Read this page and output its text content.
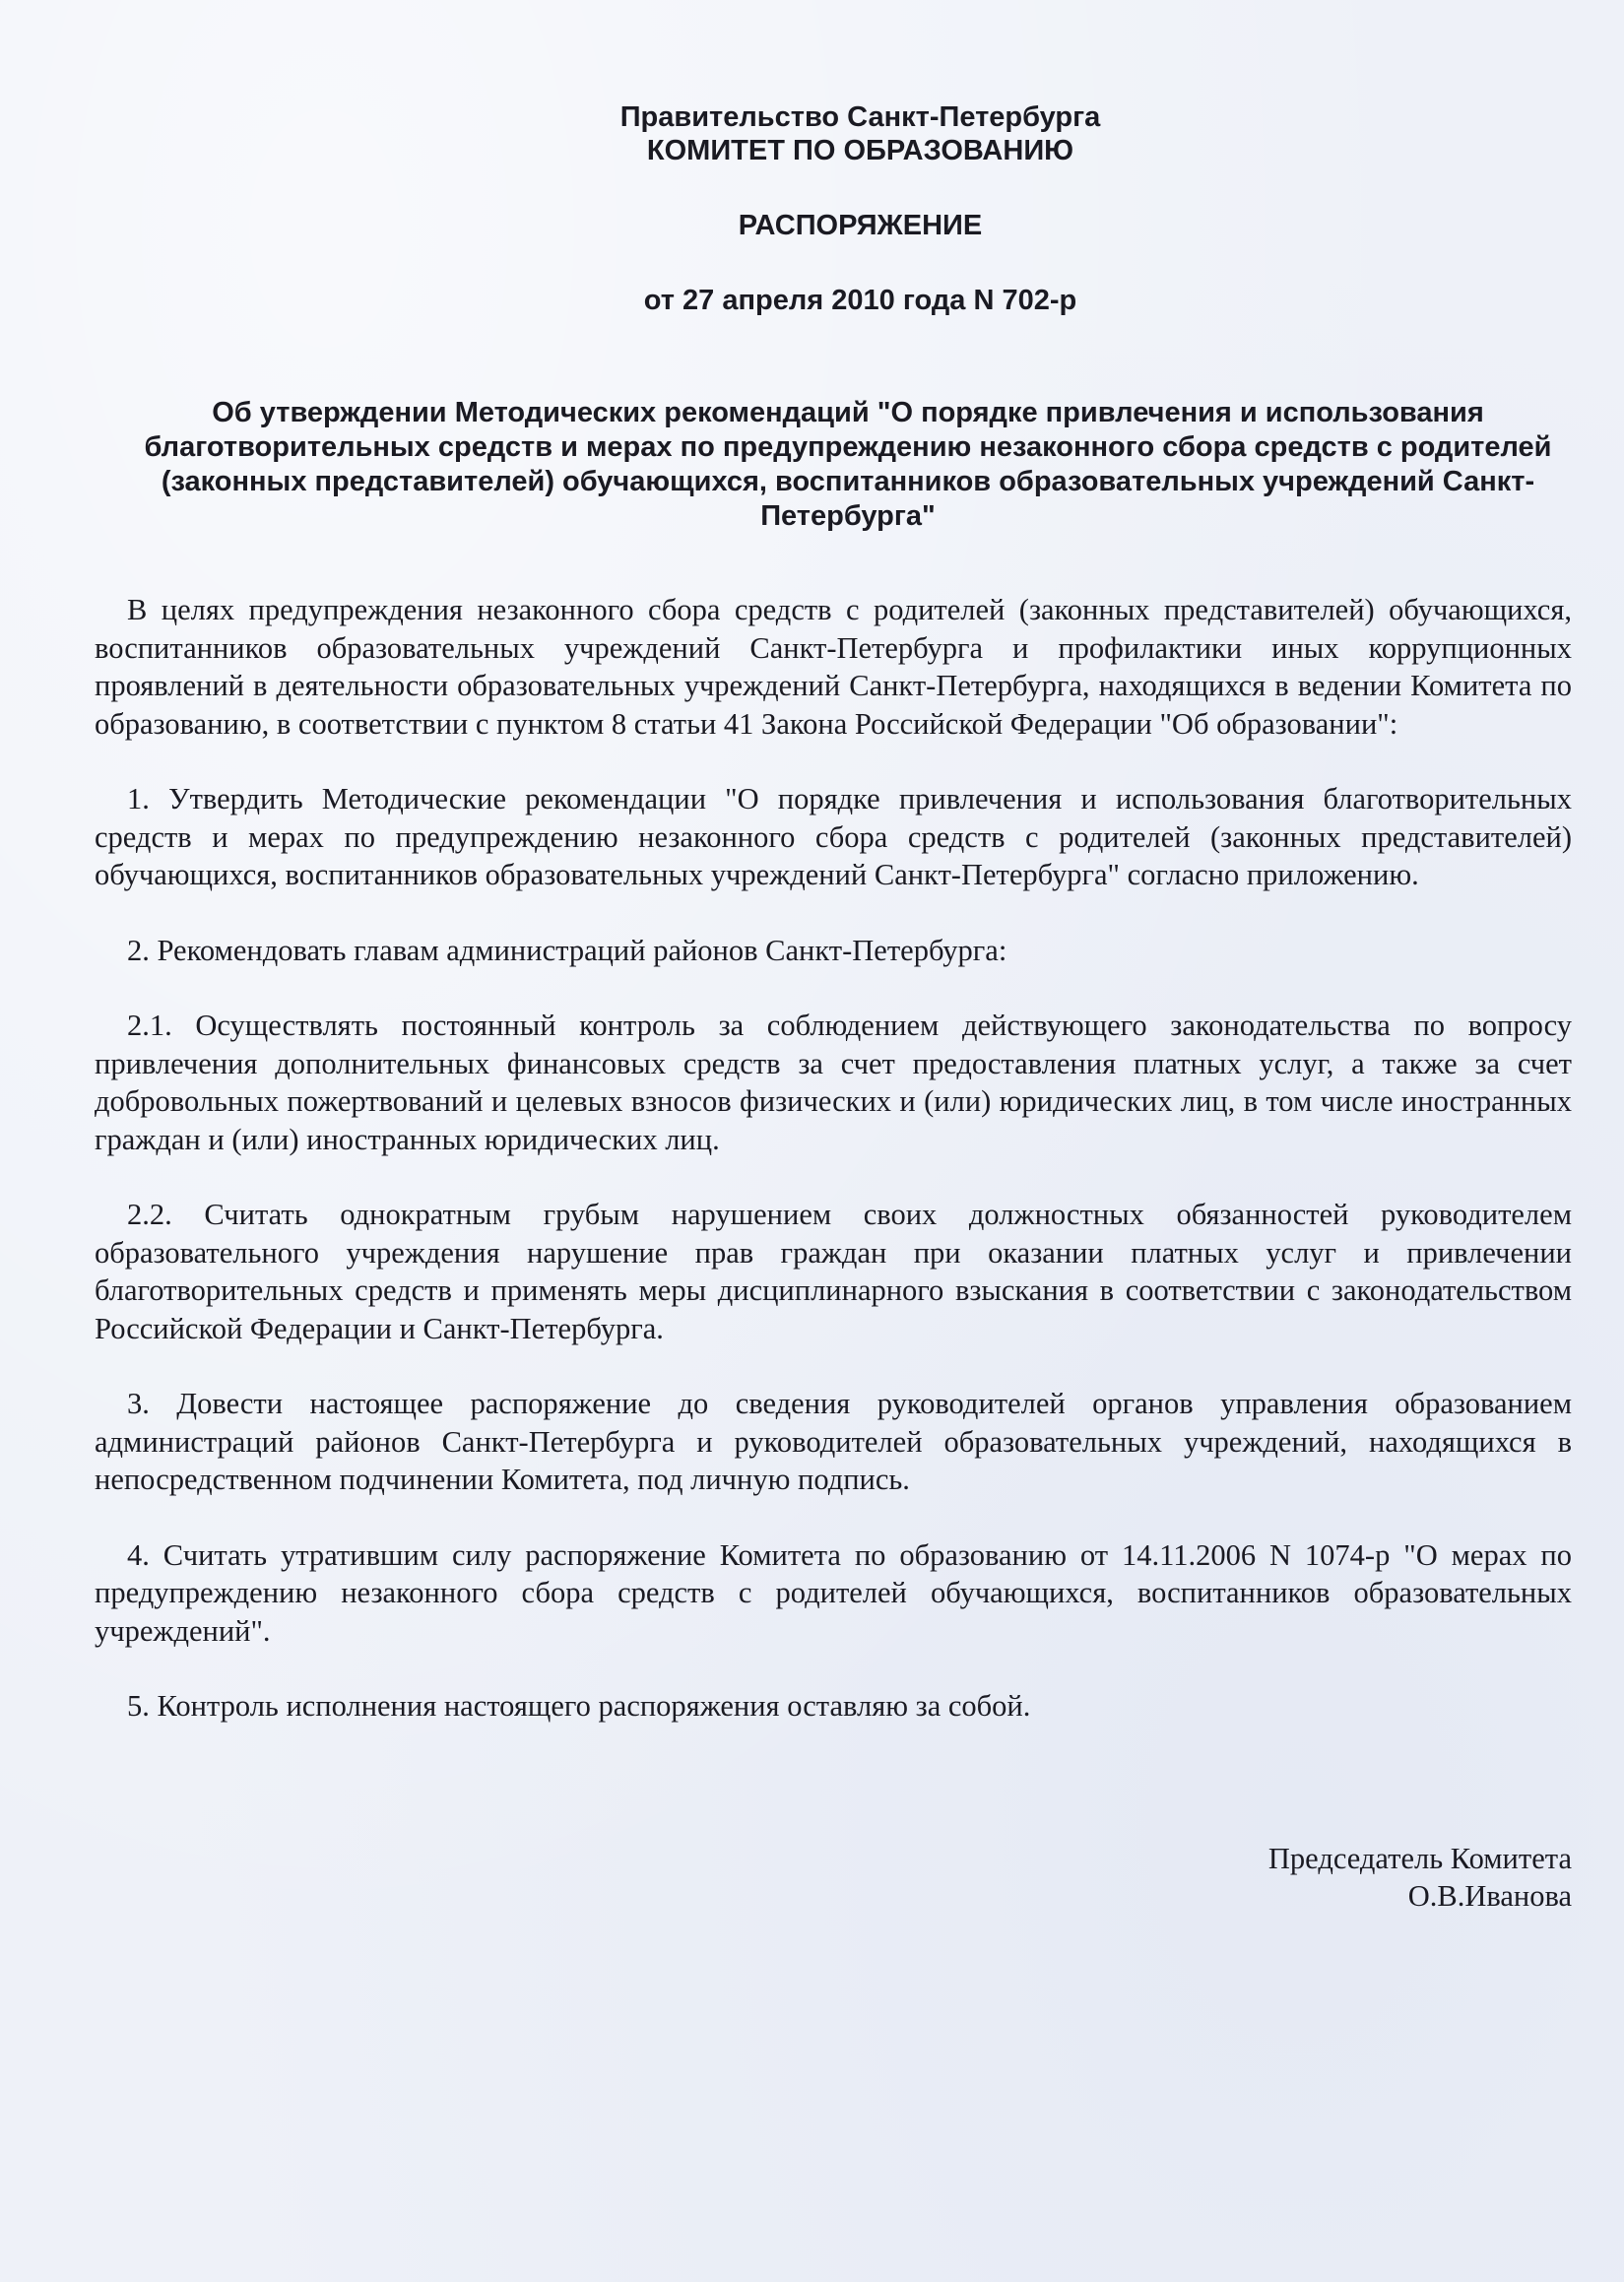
Правительство Санкт-Петербурга
КОМИТЕТ ПО ОБРАЗОВАНИЮ
РАСПОРЯЖЕНИЕ
от 27 апреля 2010 года N 702-р
Об утверждении Методических рекомендаций "О порядке привлечения и использования благотворительных средств и мерах по предупреждению незаконного сбора средств с родителей (законных представителей) обучающихся, воспитанников образовательных учреждений Санкт-Петербурга"

В целях предупреждения незаконного сбора средств с родителей (законных представителей) обучающихся, воспитанников образовательных учреждений Санкт-Петербурга и профилактики иных коррупционных проявлений в деятельности образовательных учреждений Санкт-Петербурга, находящихся в ведении Комитета по образованию, в соответствии с пунктом 8 статьи 41 Закона Российской Федерации "Об образовании":

1. Утвердить Методические рекомендации "О порядке привлечения и использования благотворительных средств и мерах по предупреждению незаконного сбора средств с родителей (законных представителей) обучающихся, воспитанников образовательных учреждений Санкт-Петербурга" согласно приложению.

2. Рекомендовать главам администраций районов Санкт-Петербурга:

2.1. Осуществлять постоянный контроль за соблюдением действующего законодательства по вопросу привлечения дополнительных финансовых средств за счет предоставления платных услуг, а также за счет добровольных пожертвований и целевых взносов физических и (или) юридических лиц, в том числе иностранных граждан и (или) иностранных юридических лиц.

2.2. Считать однократным грубым нарушением своих должностных обязанностей руководителем образовательного учреждения нарушение прав граждан при оказании платных услуг и привлечении благотворительных средств и применять меры дисциплинарного взыскания в соответствии с законодательством Российской Федерации и Санкт-Петербурга.

3. Довести настоящее распоряжение до сведения руководителей органов управления образованием администраций районов Санкт-Петербурга и руководителей образовательных учреждений, находящихся в непосредственном подчинении Комитета, под личную подпись.

4. Считать утратившим силу распоряжение Комитета по образованию от 14.11.2006 N 1074-р "О мерах по предупреждению незаконного сбора средств с родителей обучающихся, воспитанников образовательных учреждений".

5. Контроль исполнения настоящего распоряжения оставляю за собой.

Председатель Комитета
О.В.Иванова
